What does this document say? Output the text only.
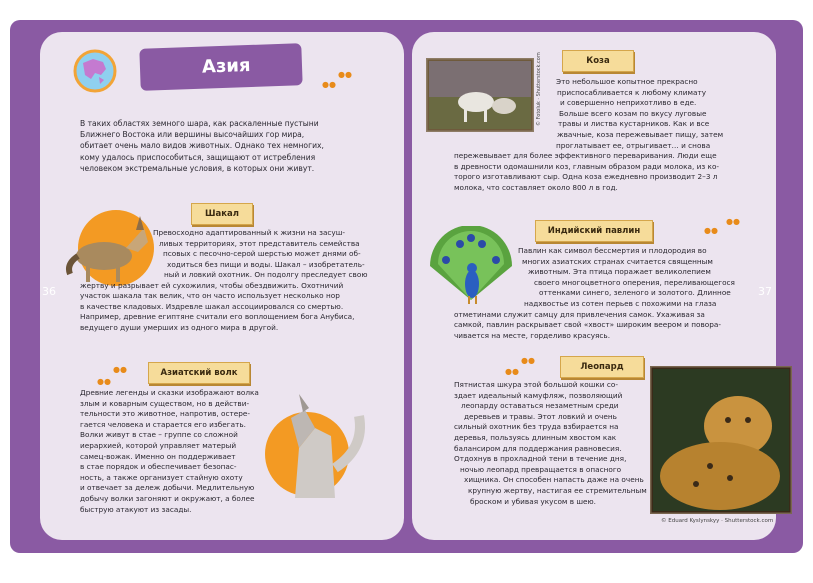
36	37
Азия
●●
●●
В таких областях земного шара, как раскаленные пустыни
Ближнего Востока или вершины высочайших гор мира,
обитает очень мало видов животных. Однако тех немногих,
кому удалось приспособиться, защищают от истребления
человеком экстремальные условия, в которых они живут.
Шакал
Превосходно адаптированный к жизни на засуш-
ливых территориях, этот представитель семейства
псовых с песочно-серой шерстью может днями об-
ходиться без пищи и воды. Шакал – изобретатель-
ный и ловкий охотник. Он подолгу преследует свою
жертву и разрывает ей сухожилия, чтобы обездвижить. Охотничий
участок шакала так велик, что он часто использует несколько нор
в качестве кладовых. Издревле шакал ассоциировался со смертью.
Например, древние египтяне считали его воплощением бога Анубиса,
ведущего души умерших из одного мира в другой.
Азиатский волк
●●
●●
Древние легенды и сказки изображают волка
злым и коварным существом, но в действи-
тельности это животное, напротив, остере-
гается человека и старается его избегать.
Волки живут в стае – группе со сложной
иерархией, которой управляет матерый
самец-вожак. Именно он поддерживает
в стае порядок и обеспечивает безопас-
ность, а также организует стайную охоту
и отвечает за дележ добычи. Медлительную
добычу волки загоняют и окружают, а более
быструю атакуют из засады.
© Fotoluk · Shutterstock.com	Коза
Это небольшое копытное прекрасно
приспосабливается к любому климату
и совершенно неприхотливо в еде.
Больше всего козам по вкусу луговые
травы и листва кустарников. Как и все
жвачные, коза пережевывает пищу, затем
проглатывает ее, отрыгивает… и снова
пережевывает для более эффективного переваривания. Люди еще
в древности одомашнили коз, главным образом ради молока, из ко-
торого изготавливают сыр. Одна коза ежедневно производит 2–3 л
молока, что составляет около 800 л в год.
Индийский павлин	●●
●●
Павлин как символ бессмертия и плодородия во
многих азиатских странах считается священным
животным. Эта птица поражает великолепием
своего многоцветного оперения, переливающегося
оттенками синего, зеленого и золотого. Длинное
надхвостье из сотен перьев с похожими на глаза
отметинами служит самцу для привлечения самок. Ухаживая за
самкой, павлин раскрывает свой «хвост» широким веером и повора-
чивается на месте, горделиво красуясь.
Леопард
●●
●●
© Eduard Kyslynskyy · Shutterstock.com
Пятнистая шкура этой большой кошки со-
здает идеальный камуфляж, позволяющий
леопарду оставаться незаметным среди
деревьев и травы. Этот ловкий и очень
сильный охотник без труда взбирается на
деревья, пользуясь длинным хвостом как
балансиром для поддержания равновесия.
Отдохнув в прохладной тени в течение дня,
ночью леопард превращается в опасного
хищника. Он способен напасть даже на очень
крупную жертву, настигая ее стремительным
броском и убивая укусом в шею.
